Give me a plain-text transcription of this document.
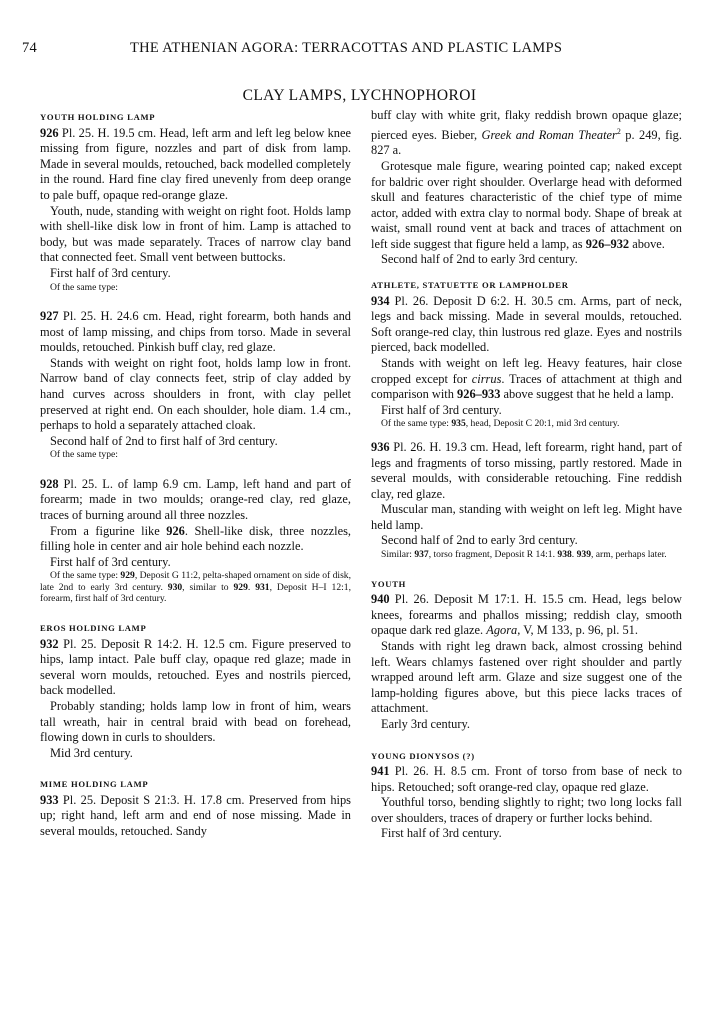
74	THE ATHENIAN AGORA: TERRACOTTAS AND PLASTIC LAMPS
CLAY LAMPS, LYCHNOPHOROI

YOUTH HOLDING LAMP

926 Pl. 25. H. 19.5 cm. Head, left arm and left leg below knee missing from figure, nozzles and part of disk from lamp. Made in several moulds, retouched, back modelled completely in the round. Hard fine clay fired unevenly from deep orange to pale buff, opaque red-orange glaze.

Youth, nude, standing with weight on right foot. Holds lamp with shell-like disk low in front of him. Lamp is attached to body, but was made separately. Traces of narrow clay band that connected feet. Small vent between buttocks.

First half of 3rd century.

Of the same type:

927 Pl. 25. H. 24.6 cm. Head, right forearm, both hands and most of lamp missing, and chips from torso. Made in several moulds, retouched. Pinkish buff clay, red glaze.

Stands with weight on right foot, holds lamp low in front. Narrow band of clay connects feet, strip of clay added by hand curves across shoulders in front, with clay pellet preserved at right end. On each shoulder, hole diam. 1.4 cm., perhaps to hold a separately attached cloak.

Second half of 2nd to first half of 3rd century.

Of the same type:

928 Pl. 25. L. of lamp 6.9 cm. Lamp, left hand and part of forearm; made in two moulds; orange-red clay, red glaze, traces of burning around all three nozzles.

From a figurine like 926. Shell-like disk, three nozzles, filling hole in center and air hole behind each nozzle.

First half of 3rd century.

Of the same type: 929, Deposit G 11:2, pelta-shaped ornament on side of disk, late 2nd to early 3rd century. 930, similar to 929. 931, Deposit H–I 12:1, forearm, first half of 3rd century.

EROS HOLDING LAMP

932 Pl. 25. Deposit R 14:2. H. 12.5 cm. Figure preserved to hips, lamp intact. Pale buff clay, opaque red glaze; made in several worn moulds, retouched. Eyes and nostrils pierced, back modelled.

Probably standing; holds lamp low in front of him, wears tall wreath, hair in central braid with bead on forehead, flowing down in curls to shoulders.

Mid 3rd century.

MIME HOLDING LAMP

933 Pl. 25. Deposit S 21:3. H. 17.8 cm. Preserved from hips up; right hand, left arm and end of nose missing. Made in several moulds, retouched. Sandy

buff clay with white grit, flaky reddish brown opaque glaze; pierced eyes. Bieber, Greek and Roman Theater$^2$ p. 249, fig. 827 a.

Grotesque male figure, wearing pointed cap; naked except for baldric over right shoulder. Overlarge head with deformed skull and features characteristic of the chief type of mime actor, added with extra clay to normal body. Shape of break at waist, small round vent at back and traces of attachment on left side suggest that figure held a lamp, as 926–932 above.

Second half of 2nd to early 3rd century.

ATHLETE, STATUETTE OR LAMPHOLDER

934 Pl. 26. Deposit D 6:2. H. 30.5 cm. Arms, part of neck, legs and back missing. Made in several moulds, retouched. Soft orange-red clay, thin lustrous red glaze. Eyes and nostrils pierced, back modelled.

Stands with weight on left leg. Heavy features, hair close cropped except for cirrus. Traces of attachment at thigh and comparison with 926–933 above suggest that he held a lamp.

First half of 3rd century.

Of the same type: 935, head, Deposit C 20:1, mid 3rd century.

936 Pl. 26. H. 19.3 cm. Head, left forearm, right hand, part of legs and fragments of torso missing, partly restored. Made in several moulds, with considerable retouching. Fine reddish clay, red glaze.

Muscular man, standing with weight on left leg. Might have held lamp.

Second half of 2nd to early 3rd century.

Similar: 937, torso fragment, Deposit R 14:1. 938. 939, arm, perhaps later.

YOUTH

940 Pl. 26. Deposit M 17:1. H. 15.5 cm. Head, legs below knees, forearms and phallos missing; reddish clay, smooth opaque dark red glaze. Agora, V, M 133, p. 96, pl. 51.

Stands with right leg drawn back, almost crossing behind left. Wears chlamys fastened over right shoulder and partly wrapped around left arm. Glaze and size suggest one of the lamp-holding figures above, but this piece lacks traces of attachment.

Early 3rd century.

YOUNG DIONYSOS (?)

941 Pl. 26. H. 8.5 cm. Front of torso from base of neck to hips. Retouched; soft orange-red clay, opaque red glaze.

Youthful torso, bending slightly to right; two long locks fall over shoulders, traces of drapery or further locks behind.

First half of 3rd century.
